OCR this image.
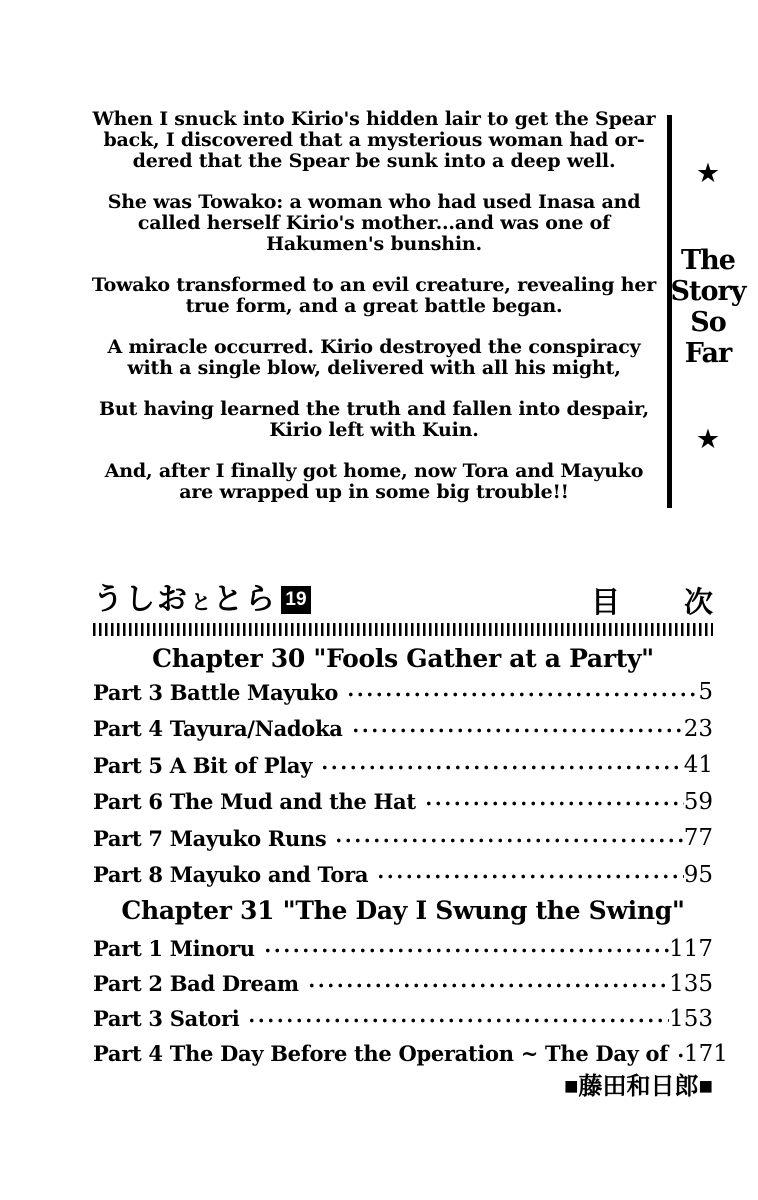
When I snuck into Kirio's hidden lair to get the Spear
back, I discovered that a mysterious woman had or-
dered that the Spear be sunk into a deep well.
She was Towako: a woman who had used Inasa and
called herself Kirio's mother...and was one of
Hakumen's bunshin.
Towako transformed to an evil creature, revealing her
true form, and a great battle began.
A miracle occurred. Kirio destroyed the conspiracy
with a single blow, delivered with all his might,
But having learned the truth and fallen into despair,
Kirio left with Kuin.
And, after I finally got home, now Tora and Mayuko
are wrapped up in some big trouble!!
★
The
Story
So
Far
★
うしお と とら 19	目 次
Chapter 30 "Fools Gather at a Party"
Part 3 Battle Mayuko	5
Part 4 Tayura/Nadoka	23
Part 5 A Bit of Play	41
Part 6 The Mud and the Hat	59
Part 7 Mayuko Runs	77
Part 8 Mayuko and Tora	95
Chapter 31 "The Day I Swung the Swing"
Part 1 Minoru	117
Part 2 Bad Dream	135
Part 3 Satori	153
Part 4 The Day Before the Operation ~ The Day of 171
■藤田和日郎■
